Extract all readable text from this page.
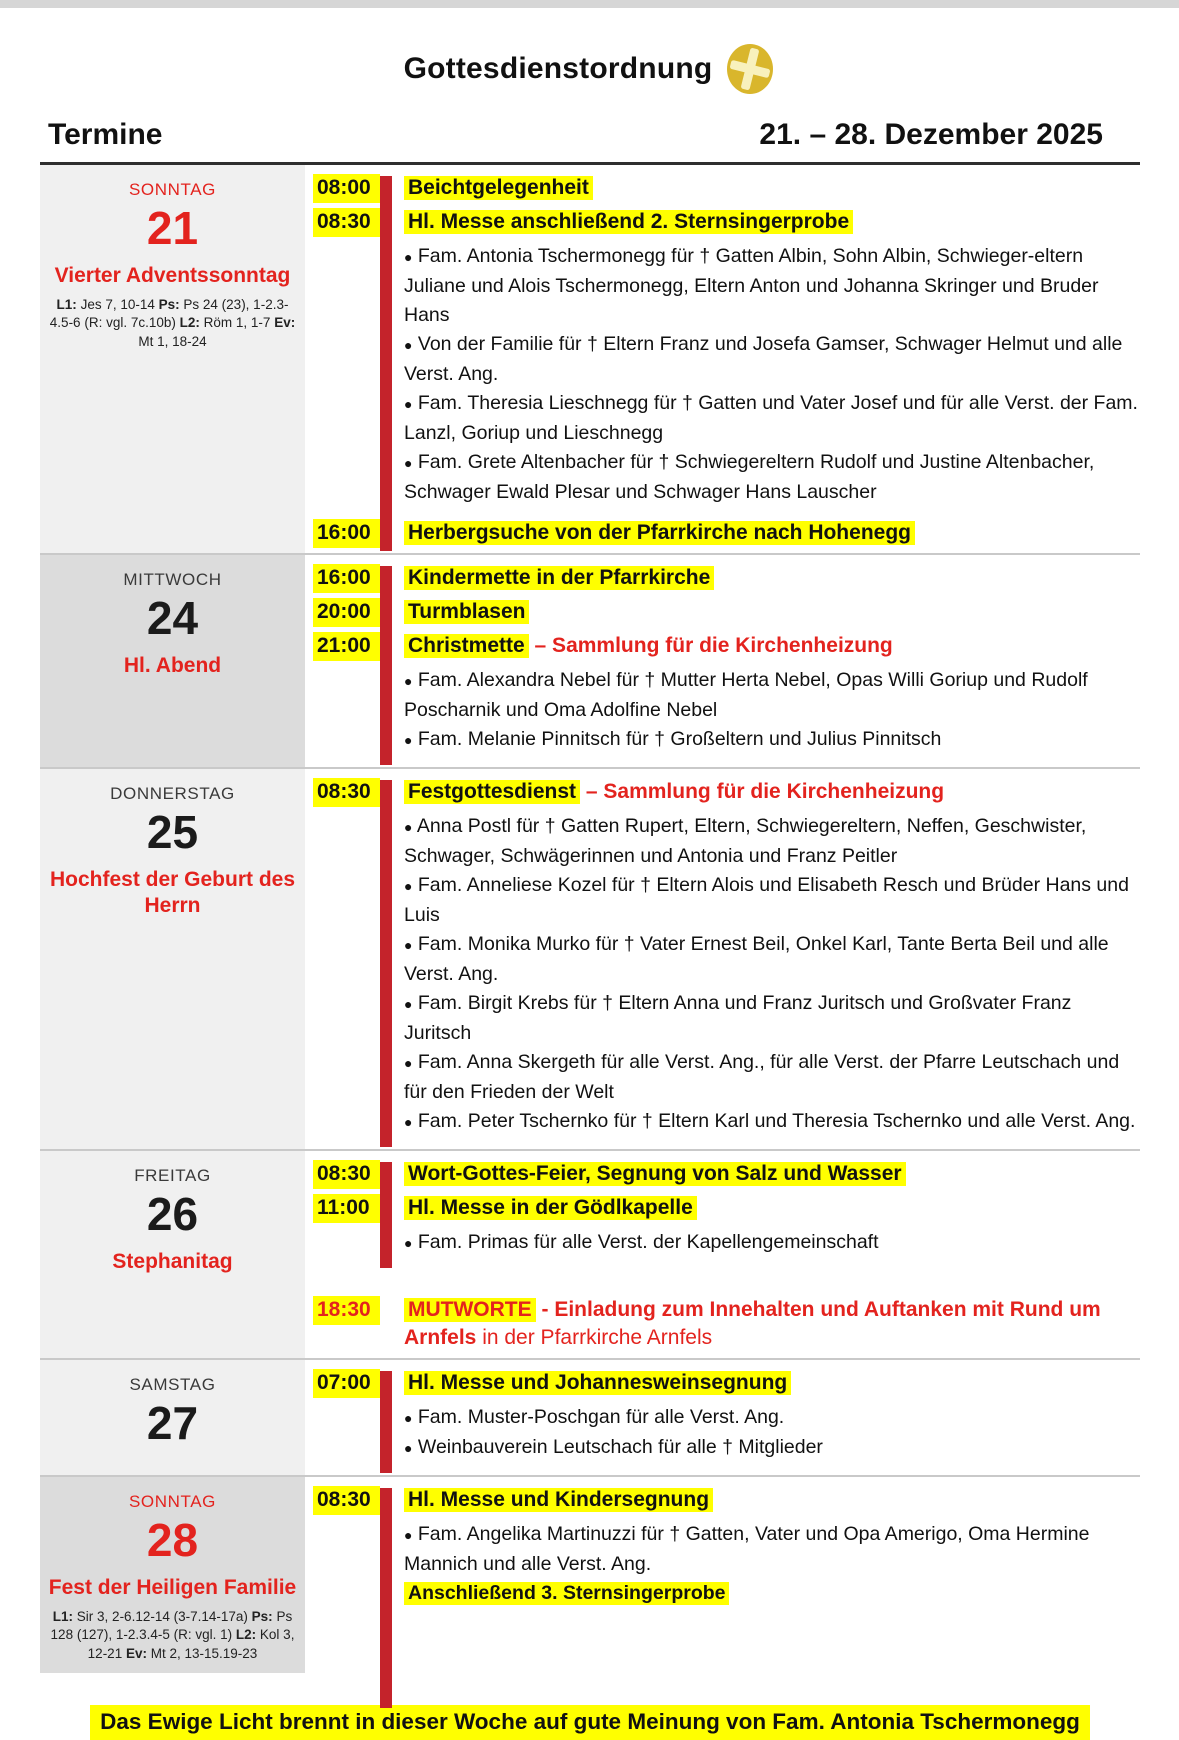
Gottesdienstordnung
Termine	21. – 28. Dezember 2025
SONNTAG
21
Vierter Adventssonntag
L1: Jes 7, 10-14 Ps: Ps 24 (23), 1-2.3-4.5-6 (R: vgl. 7c.10b) L2: Röm 1, 1-7 Ev: Mt 1, 18-24
08:00	Beichtgelegenheit
08:30	Hl. Messe anschließend 2. Sternsingerprobe

● Fam. Antonia Tschermonegg für † Gatten Albin, Sohn Albin, Schwieger-eltern Juliane und Alois Tschermonegg, Eltern Anton und Johanna Skringer und Bruder Hans

● Von der Familie für † Eltern Franz und Josefa Gamser, Schwager Helmut und alle Verst. Ang.

● Fam. Theresia Lieschnegg für † Gatten und Vater Josef und für alle Verst. der Fam. Lanzl, Goriup und Lieschnegg

● Fam. Grete Altenbacher für † Schwiegereltern Rudolf und Justine Altenbacher, Schwager Ewald Plesar und Schwager Hans Lauscher

16:00	Herbergsuche von der Pfarrkirche nach Hohenegg
MITTWOCH
24
Hl. Abend
16:00	Kindermette in der Pfarrkirche
20:00	Turmblasen
21:00	Christmette – Sammlung für die Kirchenheizung

● Fam. Alexandra Nebel für † Mutter Herta Nebel, Opas Willi Goriup und Rudolf Poscharnik und Oma Adolfine Nebel

● Fam. Melanie Pinnitsch für † Großeltern und Julius Pinnitsch

DONNERSTAG
25
Hochfest der Geburt des Herrn
08:30	Festgottesdienst – Sammlung für die Kirchenheizung

● Anna Postl für † Gatten Rupert, Eltern, Schwiegereltern, Neffen, Geschwister, Schwager, Schwägerinnen und Antonia und Franz Peitler

● Fam. Anneliese Kozel für † Eltern Alois und Elisabeth Resch und Brüder Hans und Luis

● Fam. Monika Murko für † Vater Ernest Beil, Onkel Karl, Tante Berta Beil und alle Verst. Ang.

● Fam. Birgit Krebs für † Eltern Anna und Franz Juritsch und Großvater Franz Juritsch

● Fam. Anna Skergeth für alle Verst. Ang., für alle Verst. der Pfarre Leutschach und für den Frieden der Welt

● Fam. Peter Tschernko für † Eltern Karl und Theresia Tschernko und alle Verst. Ang.

FREITAG
26
Stephanitag
08:30	Wort-Gottes-Feier, Segnung von Salz und Wasser
11:00	Hl. Messe in der Gödlkapelle

● Fam. Primas für alle Verst. der Kapellengemeinschaft

18:30	MUTWORTE - Einladung zum Innehalten und Auftanken mit Rund um Arnfels in der Pfarrkirche Arnfels
SAMSTAG
27
07:00	Hl. Messe und Johannesweinsegnung

● Fam. Muster-Poschgan für alle Verst. Ang.

● Weinbauverein Leutschach für alle † Mitglieder

SONNTAG
28
Fest der Heiligen Familie
L1: Sir 3, 2-6.12-14 (3-7.14-17a) Ps: Ps 128 (127), 1-2.3.4-5 (R: vgl. 1) L2: Kol 3, 12-21 Ev: Mt 2, 13-15.19-23
08:30	Hl. Messe und Kindersegnung

● Fam. Angelika Martinuzzi für † Gatten, Vater und Opa Amerigo, Oma Hermine Mannich und alle Verst. Ang.

Anschließend 3. Sternsingerprobe

Das Ewige Licht brennt in dieser Woche auf gute Meinung von Fam. Antonia Tschermonegg
